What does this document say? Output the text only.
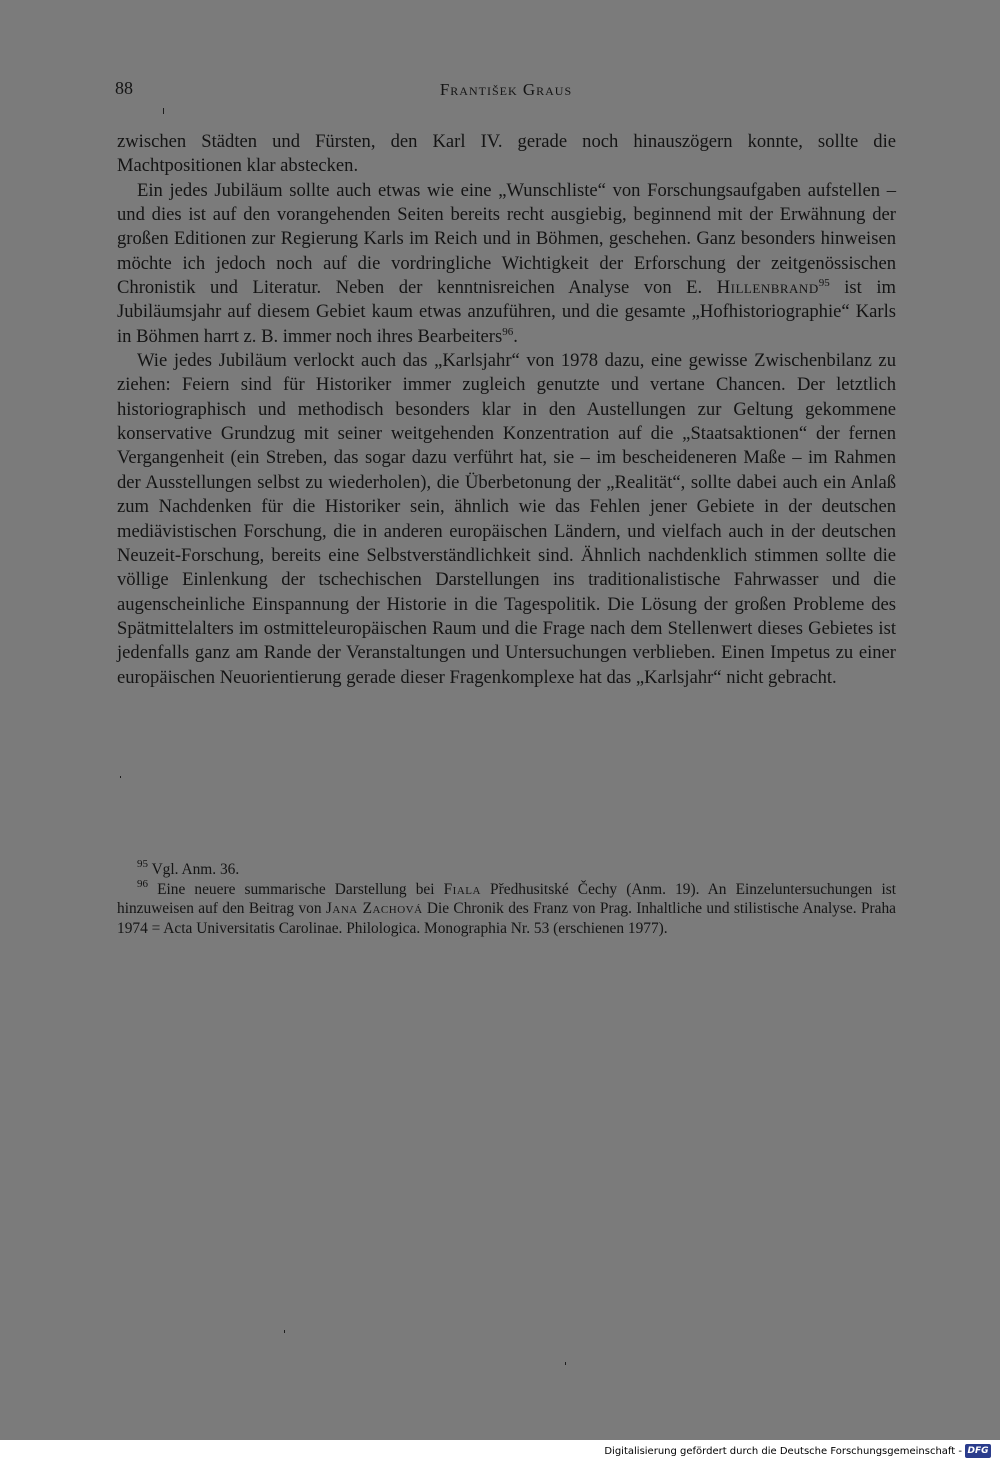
88	František Graus

zwischen Städten und Fürsten, den Karl IV. gerade noch hinauszögern konnte, sollte die Machtpositionen klar abstecken.

Ein jedes Jubiläum sollte auch etwas wie eine „Wunschliste“ von Forschungsaufgaben aufstellen – und dies ist auf den vorangehenden Seiten bereits recht ausgiebig, beginnend mit der Erwähnung der großen Editionen zur Regierung Karls im Reich und in Böhmen, geschehen. Ganz besonders hinweisen möchte ich jedoch noch auf die vordringliche Wichtigkeit der Erforschung der zeitgenössischen Chronistik und Literatur. Neben der kenntnisreichen Analyse von E. Hillenbrand$^{95}$ ist im Jubiläumsjahr auf diesem Gebiet kaum etwas anzuführen, und die gesamte „Hofhistoriographie“ Karls in Böhmen harrt z. B. immer noch ihres Bearbeiters$^{96}$.

Wie jedes Jubiläum verlockt auch das „Karlsjahr“ von 1978 dazu, eine gewisse Zwischenbilanz zu ziehen: Feiern sind für Historiker immer zugleich genutzte und vertane Chancen. Der letztlich historiographisch und methodisch besonders klar in den Austellungen zur Geltung gekommene konservative Grundzug mit seiner weitgehenden Konzentration auf die „Staatsaktionen“ der fernen Vergangenheit (ein Streben, das sogar dazu verführt hat, sie – im bescheideneren Maße – im Rahmen der Ausstellungen selbst zu wiederholen), die Überbetonung der „Realität“, sollte dabei auch ein Anlaß zum Nachdenken für die Historiker sein, ähnlich wie das Fehlen jener Gebiete in der deutschen mediävistischen Forschung, die in anderen europäischen Ländern, und vielfach auch in der deutschen Neuzeit-Forschung, bereits eine Selbstverständlichkeit sind. Ähnlich nachdenklich stimmen sollte die völlige Einlenkung der tschechischen Darstellungen ins traditionalistische Fahrwasser und die augenscheinliche Einspannung der Historie in die Tagespolitik. Die Lösung der großen Probleme des Spätmittelalters im ostmitteleuropäischen Raum und die Frage nach dem Stellenwert dieses Gebietes ist jedenfalls ganz am Rande der Veranstaltungen und Untersuchungen verblieben. Einen Impetus zu einer europäischen Neuorientierung gerade dieser Fragenkomplexe hat das „Karlsjahr“ nicht gebracht.

$^{95}$ Vgl. Anm. 36.

$^{96}$ Eine neuere summarische Darstellung bei Fiala Předhusitské Čechy (Anm. 19). An Einzeluntersuchungen ist hinzuweisen auf den Beitrag von Jana Zachová Die Chronik des Franz von Prag. Inhaltliche und stilistische Analyse. Praha 1974 = Acta Universitatis Carolinae. Philologica. Monographia Nr. 53 (erschienen 1977).

Digitalisierung gefördert durch die Deutsche Forschungsgemeinschaft - DFG
